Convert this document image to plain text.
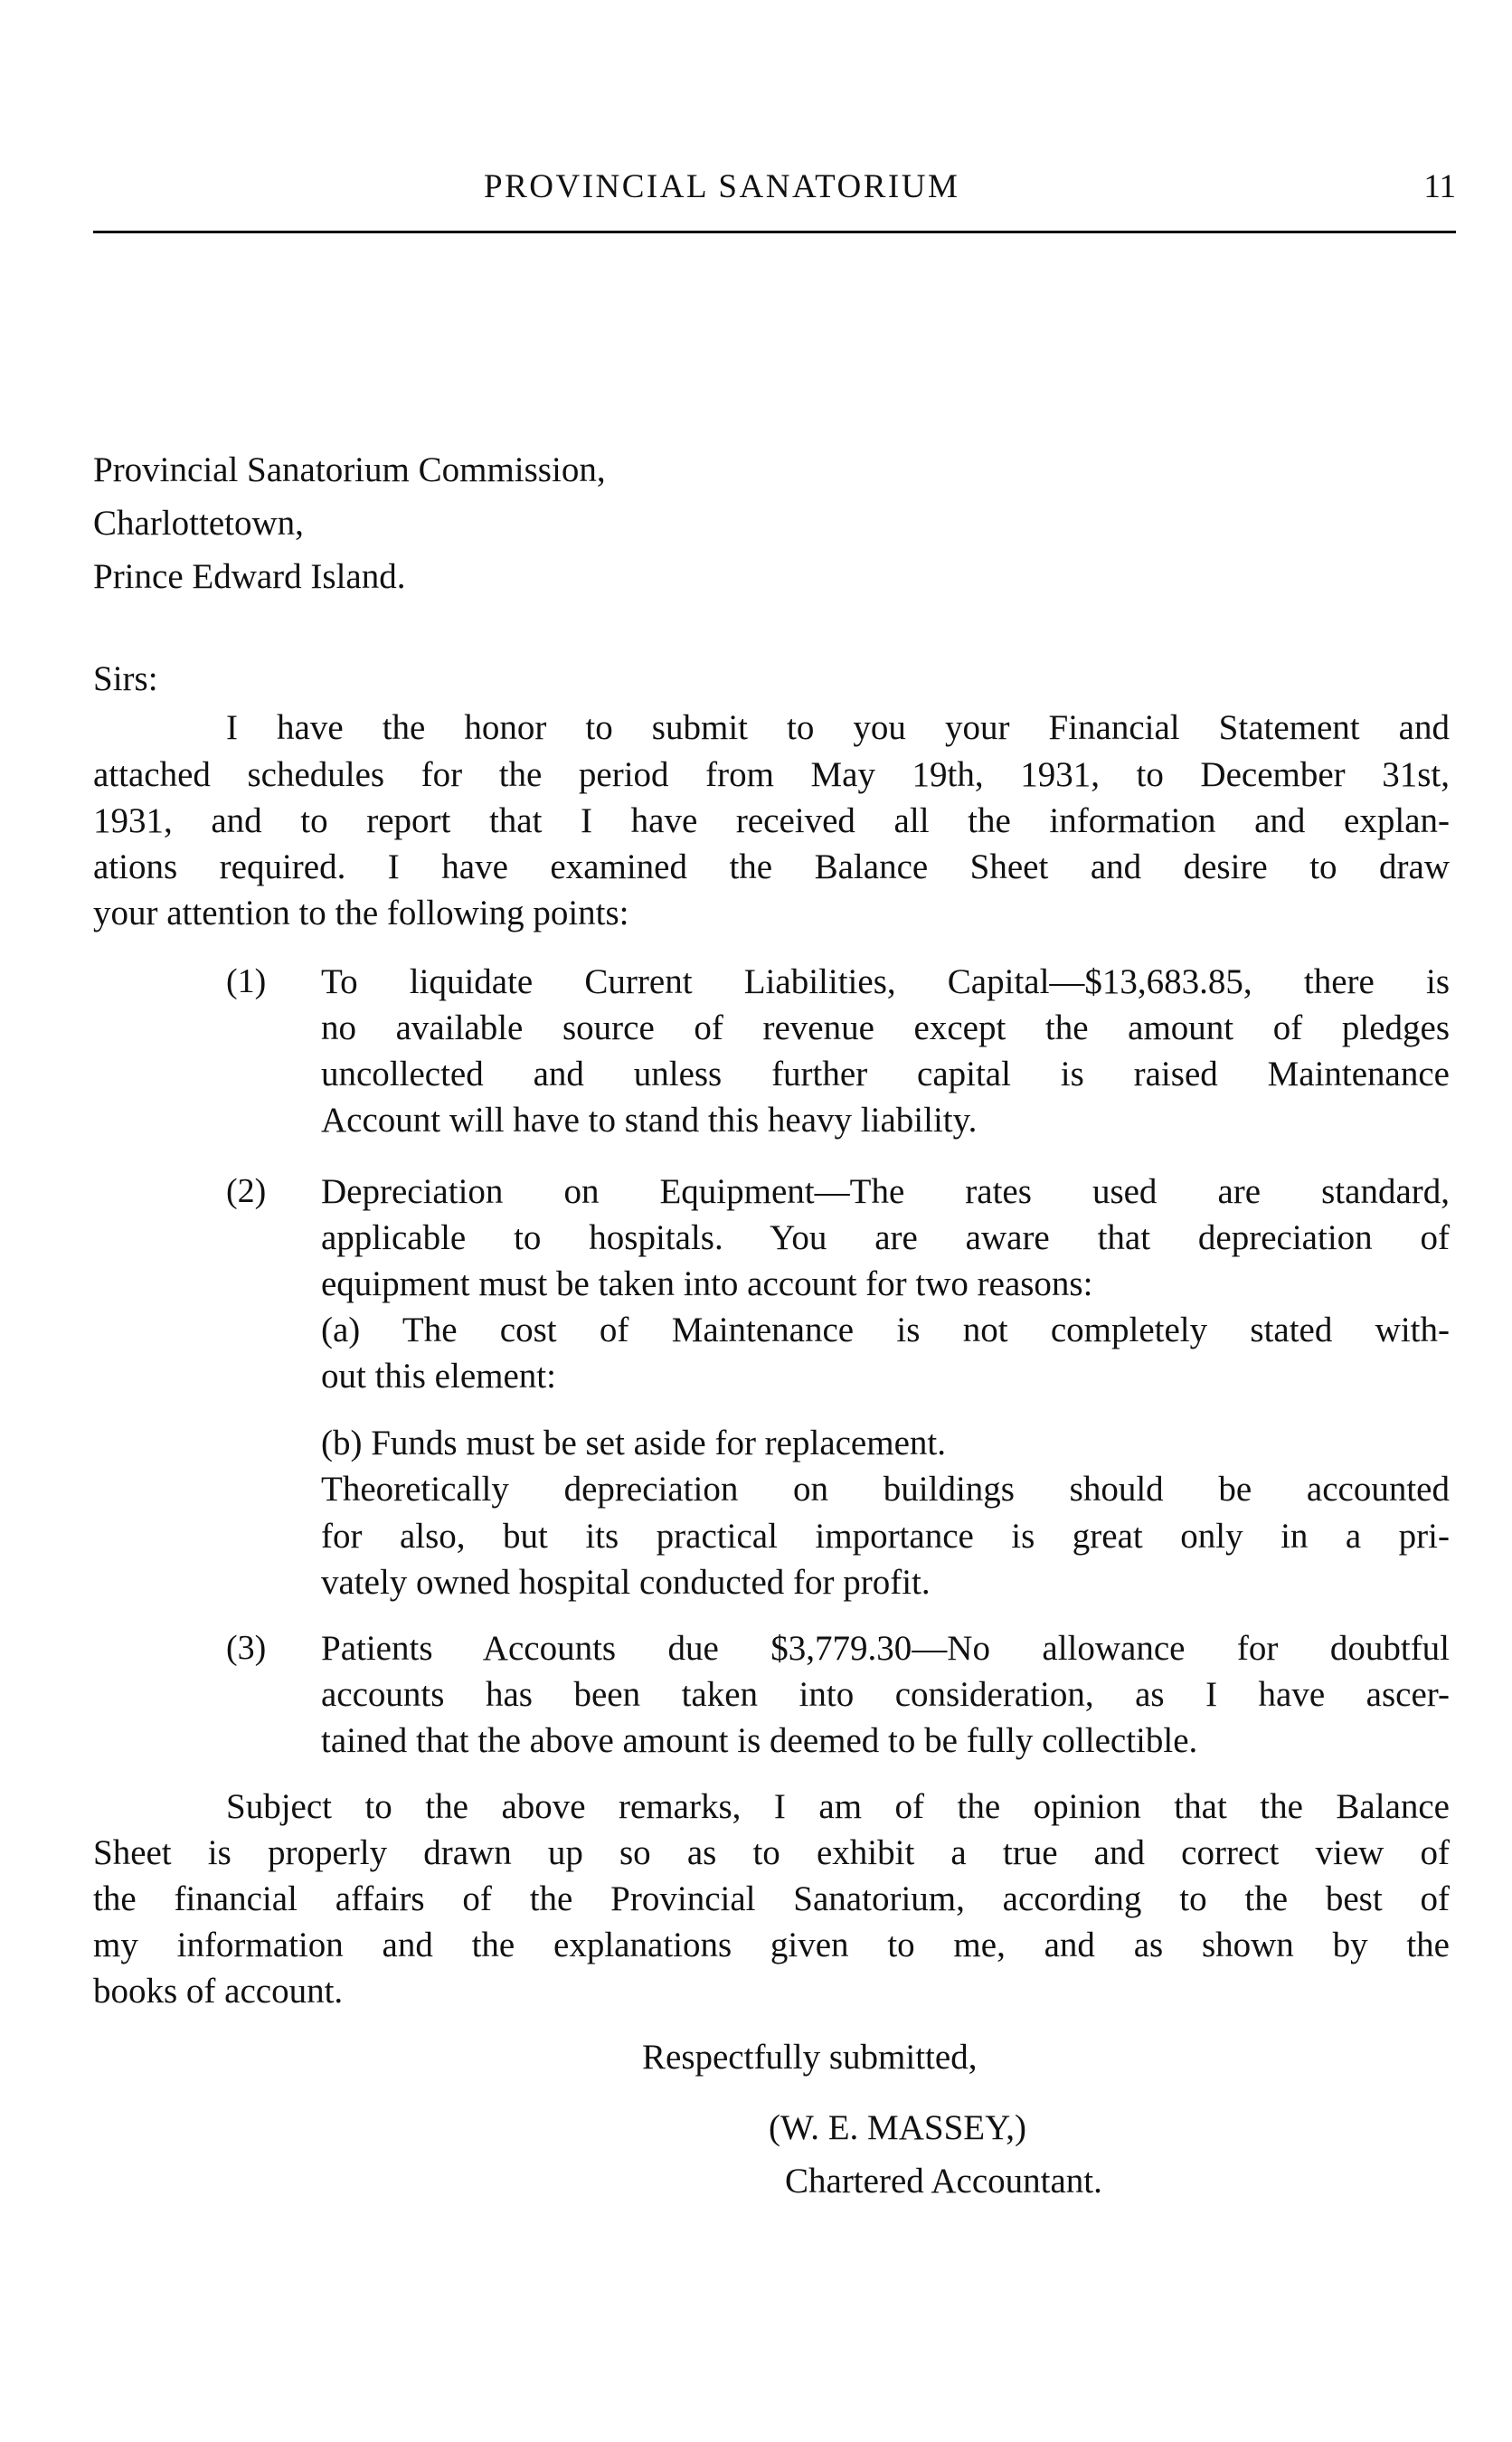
PROVINCIAL SANATORIUM	11
Provincial Sanatorium Commission,
Charlottetown,
Prince Edward Island.
Sirs:
I have the honor to submit to you your Financial Statement and
attached schedules for the period from May 19th, 1931, to December 31st,
1931, and to report that I have received all the information and explan-
ations required. I have examined the Balance Sheet and desire to draw
your attention to the following points:
(1) To liquidate Current Liabilities, Capital—$13,683.85, there is
no available source of revenue except the amount of pledges
uncollected and unless further capital is raised Maintenance
Account will have to stand this heavy liability.
(2) Depreciation on Equipment—The rates used are standard,
applicable to hospitals. You are aware that depreciation of
equipment must be taken into account for two reasons:
(a) The cost of Maintenance is not completely stated with-
out this element:
(b) Funds must be set aside for replacement.
Theoretically depreciation on buildings should be accounted
for also, but its practical importance is great only in a pri-
vately owned hospital conducted for profit.
(3) Patients Accounts due $3,779.30—No allowance for doubtful
accounts has been taken into consideration, as I have ascer-
tained that the above amount is deemed to be fully collectible.
Subject to the above remarks, I am of the opinion that the Balance
Sheet is properly drawn up so as to exhibit a true and correct view of
the financial affairs of the Provincial Sanatorium, according to the best of
my information and the explanations given to me, and as shown by the
books of account.
Respectfully submitted,
(W. E. MASSEY,)
Chartered Accountant.
